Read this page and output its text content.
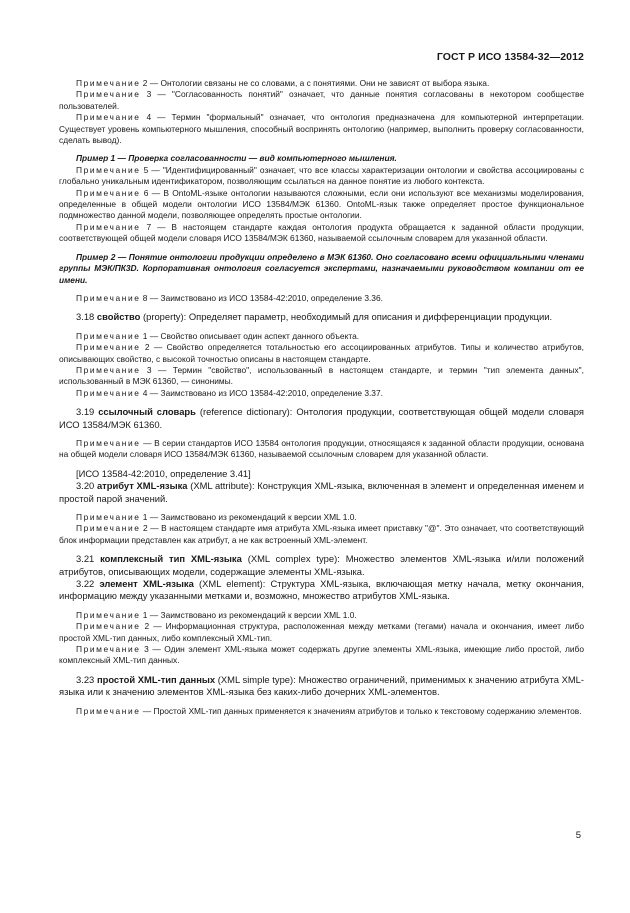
ГОСТ Р ИСО 13584-32—2012

Примечание 2 — Онтологии связаны не со словами, а с понятиями. Они не зависят от выбора языка.

Примечание 3 — "Согласованность понятий" означает, что данные понятия согласованы в некотором сообществе пользователей.

Примечание 4 — Термин "формальный" означает, что онтология предназначена для компьютерной интерпретации. Существует уровень компьютерного мышления, способный воспринять онтологию (например, выполнить проверку согласованности, сделать вывод).

Пример 1 — Проверка согласованности — вид компьютерного мышления.

Примечание 5 — "Идентифицированный" означает, что все классы характеризации онтологии и свойства ассоциированы с глобально уникальным идентификатором, позволяющим ссылаться на данное понятие из любого контекста.

Примечание 6 — В OntoML-языке онтологии называются сложными, если они используют все механизмы моделирования, определенные в общей модели онтологии ИСО 13584/МЭК 61360. OntoML-язык также определяет простое функциональное подмножество данной модели, позволяющее определять простые онтологии.

Примечание 7 — В настоящем стандарте каждая онтология продукта обращается к заданной области продукции, соответствующей общей модели словаря ИСО 13584/МЭК 61360, называемой ссылочным словарем для указанной области.

Пример 2 — Понятие онтологии продукции определено в МЭК 61360. Оно согласовано всеми официальными членами группы МЭК/ПК3D. Корпоративная онтология согласуется экспертами, назначаемыми руководством компании от ее имени.

Примечание 8 — Заимствовано из ИСО 13584-42:2010, определение 3.36.

3.18 свойство (property): Определяет параметр, необходимый для описания и дифференциации продукции.

Примечание 1 — Свойство описывает один аспект данного объекта.

Примечание 2 — Свойство определяется тотальностью его ассоциированных атрибутов. Типы и количество атрибутов, описывающих свойство, с высокой точностью описаны в настоящем стандарте.

Примечание 3 — Термин "свойство", использованный в настоящем стандарте, и термин "тип элемента данных", использованный в МЭК 61360, — синонимы.

Примечание 4 — Заимствовано из ИСО 13584-42:2010, определение 3.37.

3.19 ссылочный словарь (reference dictionary): Онтология продукции, соответствующая общей модели словаря ИСО 13584/МЭК 61360.

Примечание — В серии стандартов ИСО 13584 онтология продукции, относящаяся к заданной области продукции, основана на общей модели словаря ИСО 13584/МЭК 61360, называемой ссылочным словарем для указанной области.

[ИСО 13584-42:2010, определение 3.41]

3.20 атрибут XML-языка (XML attribute): Конструкция XML-языка, включенная в элемент и определенная именем и простой парой значений.

Примечание 1 — Заимствовано из рекомендаций к версии XML 1.0.

Примечание 2 — В настоящем стандарте имя атрибута XML-языка имеет приставку "@". Это означает, что соответствующий блок информации представлен как атрибут, а не как встроенный XML-элемент.

3.21 комплексный тип XML-языка (XML complex type): Множество элементов XML-языка и/или положений атрибутов, описывающих модели, содержащие элементы XML-языка.

3.22 элемент XML-языка (XML element): Структура XML-языка, включающая метку начала, метку окончания, информацию между указанными метками и, возможно, множество атрибутов XML-языка.

Примечание 1 — Заимствовано из рекомендаций к версии XML 1.0.

Примечание 2 — Информационная структура, расположенная между метками (тегами) начала и окончания, имеет либо простой XML-тип данных, либо комплексный XML-тип.

Примечание 3 — Один элемент XML-языка может содержать другие элементы XML-языка, имеющие либо простой, либо комплексный XML-тип данных.

3.23 простой XML-тип данных (XML simple type): Множество ограничений, применимых к значению атрибута XML-языка или к значению элементов XML-языка без каких-либо дочерних XML-элементов.

Примечание — Простой XML-тип данных применяется к значениям атрибутов и только к текстовому содержанию элементов.

5
